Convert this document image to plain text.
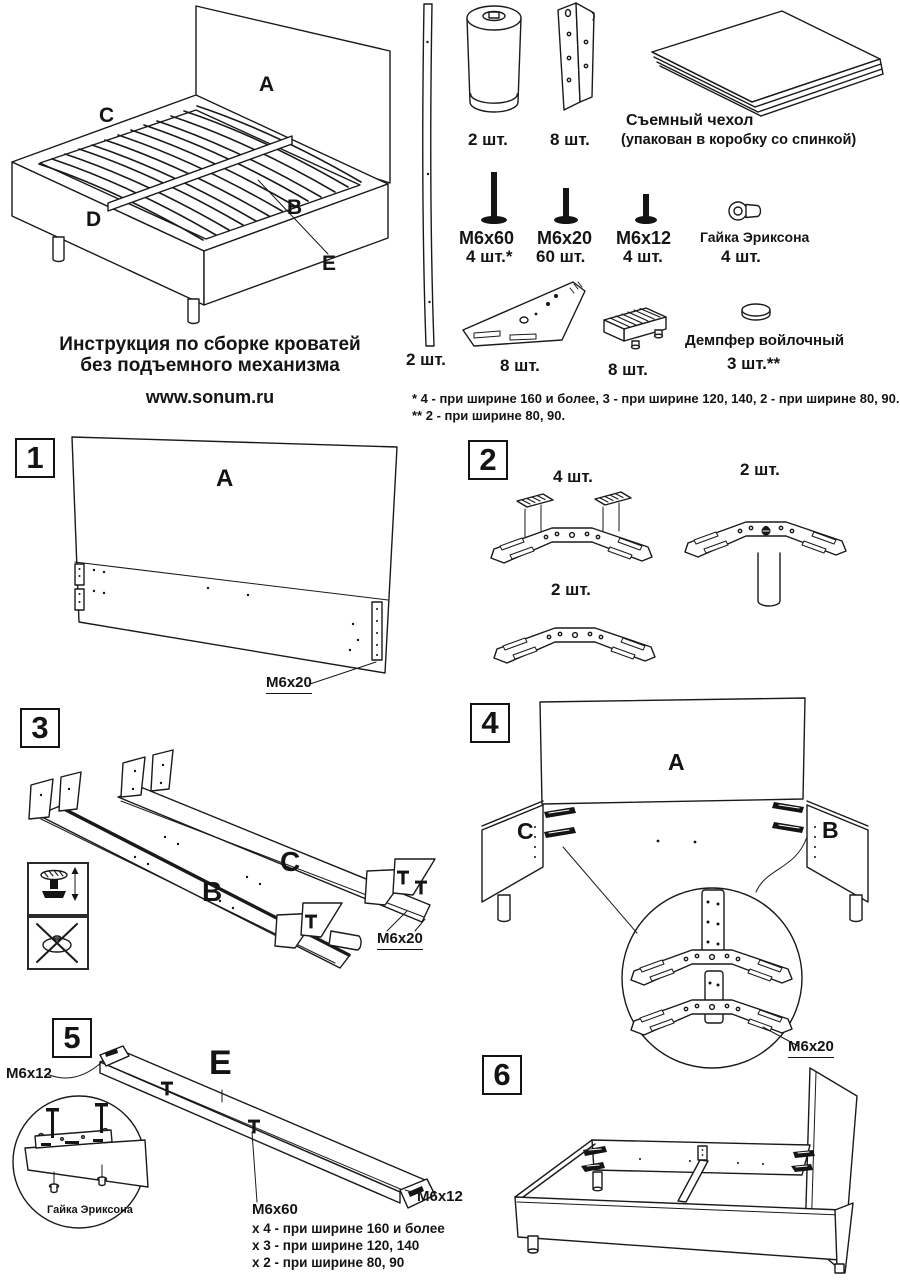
A
C
D
B
E
Инструкция по сборке кроватей
без подъемного механизма
www.sonum.ru
2 шт.
2 шт. 8 шт.
Съемный чехол
(упакован в коробку со спинкой)
M6x60
4 шт.*
M6x20
60 шт.
M6x12
4 шт.
Гайка Эриксона
4 шт.
8 шт.	8 шт.
Демпфер войлочный
3 шт.**
* 4 - при ширине 160 и более, 3 - при ширине 120, 140, 2 - при ширине 80, 90.
** 2 - при ширине 80, 90.
1
A
M6x20
2	4 шт.	2 шт.
2 шт.
3
C
B
M6x20
4
A
C	B
M6x20
5
E
M6x12
M6x12
Гайка Эриксона	M6x60
x 4 - при ширине 160 и более
x 3 - при ширине 120, 140
x 2 - при ширине 80, 90
6
